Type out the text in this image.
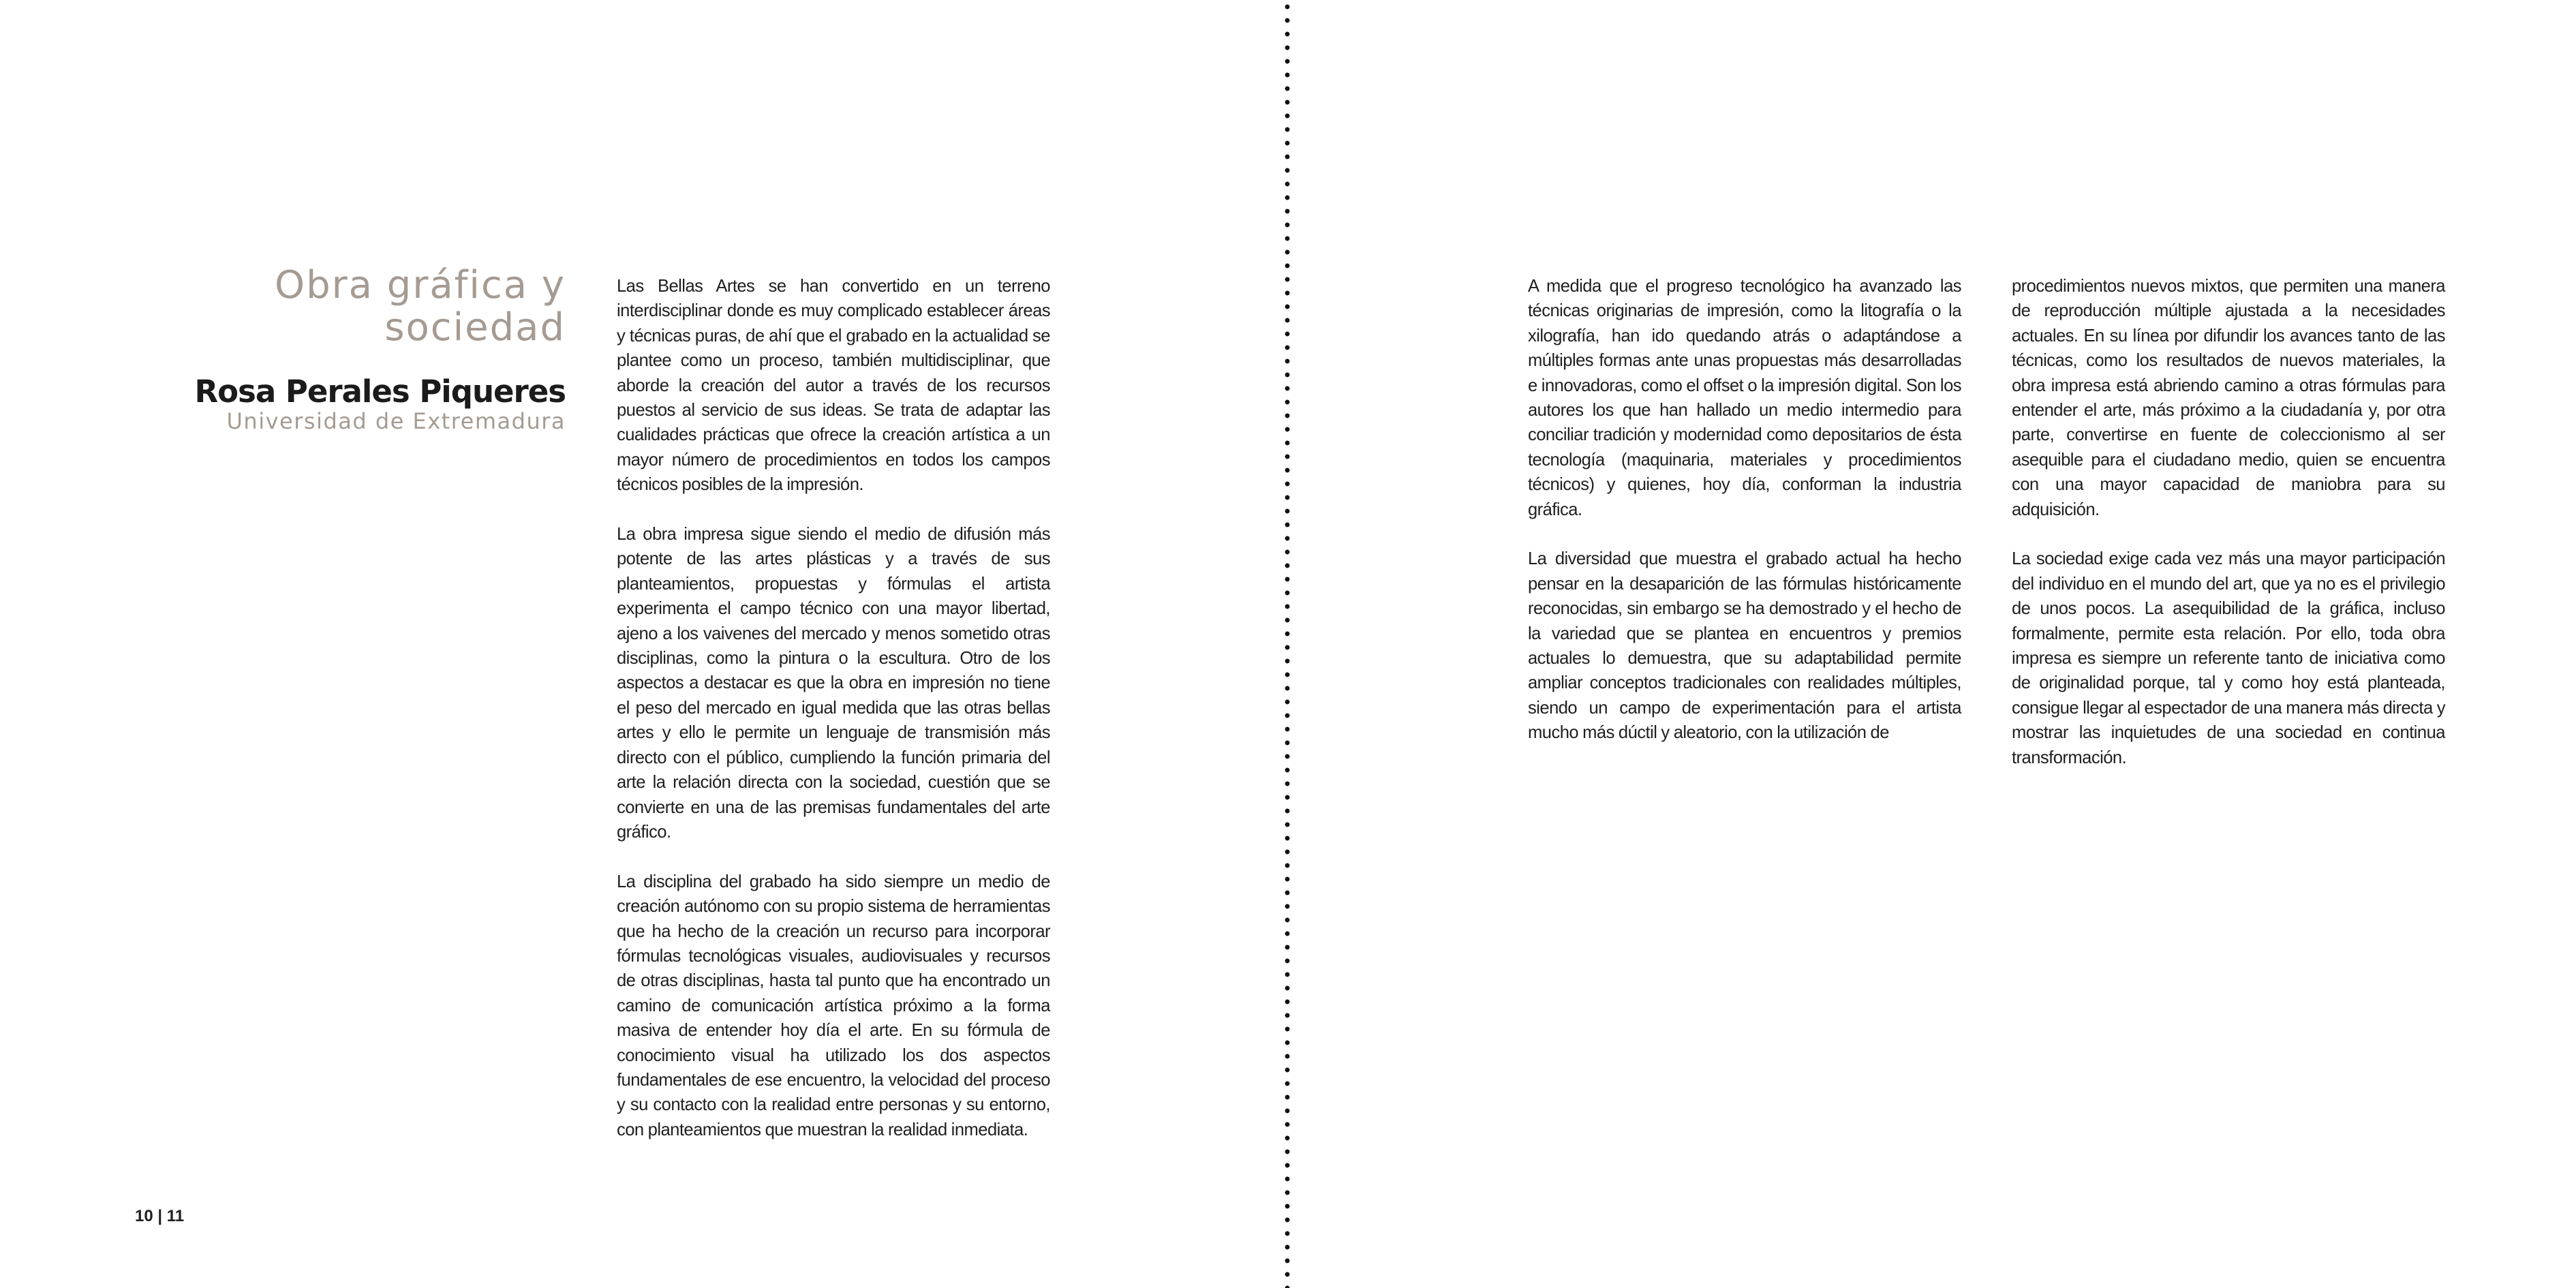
Obra gráfica y
sociedad
Rosa Perales Piqueres
Universidad de Extremadura

Las Bellas Artes se han convertido en un terreno interdisciplinar donde es muy complicado establecer áreas y técnicas puras, de ahí que el grabado en la actualidad se plantee como un proceso, también multidisciplinar, que aborde la creación del autor a través de los recursos puestos al servicio de sus ideas. Se trata de adaptar las cualidades prácticas que ofrece la creación artística a un mayor número de procedimientos en todos los campos técnicos posibles de la impresión.

La obra impresa sigue siendo el medio de difusión más potente de las artes plásticas y a través de sus planteamientos, propuestas y fórmulas el artista experimenta el campo técnico con una mayor libertad, ajeno a los vaivenes del mercado y menos sometido otras disciplinas, como la pintura o la escultura. Otro de los aspectos a destacar es que la obra en impresión no tiene el peso del mercado en igual medida que las otras bellas artes y ello le permite un lenguaje de transmisión más directo con el público, cumpliendo la función primaria del arte la relación directa con la sociedad, cuestión que se convierte en una de las premisas fundamentales del arte gráfico.

La disciplina del grabado ha sido siempre un medio de creación autónomo con su propio sistema de herramientas que ha hecho de la creación un recurso para incorporar fórmulas tecnológicas visuales, audiovisuales y recursos de otras disciplinas, hasta tal punto que ha encontrado un camino de comunicación artística próximo a la forma masiva de entender hoy día el arte. En su fórmula de conocimiento visual ha utilizado los dos aspectos fundamentales de ese encuentro, la velocidad del proceso y su contacto con la realidad entre personas y su entorno, con planteamientos que muestran la realidad inmediata.

A medida que el progreso tecnológico ha avanzado las técnicas originarias de impresión, como la litografía o la xilografía, han ido quedando atrás o adaptándose a múltiples formas ante unas propuestas más desarrolladas e innovadoras, como el offset o la impresión digital. Son los autores los que han hallado un medio intermedio para conciliar tradición y modernidad como depositarios de ésta tecnología (maquinaria, materiales y procedimientos técnicos) y quienes, hoy día, conforman la industria gráfica.

La diversidad que muestra el grabado actual ha hecho pensar en la desaparición de las fórmulas históricamente reconocidas, sin embargo se ha demostrado y el hecho de la variedad que se plantea en encuentros y premios actuales lo demuestra, que su adaptabilidad permite ampliar conceptos tradicionales con realidades múltiples, siendo un campo de experimentación para el artista mucho más dúctil y aleatorio, con la utilización de

procedimientos nuevos mixtos, que permiten una manera de reproducción múltiple ajustada a la necesidades actuales. En su línea por difundir los avances tanto de las técnicas, como los resultados de nuevos materiales, la obra impresa está abriendo camino a otras fórmulas para entender el arte, más próximo a la ciudadanía y, por otra parte, convertirse en fuente de coleccionismo al ser asequible para el ciudadano medio, quien se encuentra con una mayor capacidad de maniobra para su adquisición.

La sociedad exige cada vez más una mayor participación del individuo en el mundo del art, que ya no es el privilegio de unos pocos. La asequibilidad de la gráfica, incluso formalmente, permite esta relación. Por ello, toda obra impresa es siempre un referente tanto de iniciativa como de originalidad porque, tal y como hoy está planteada, consigue llegar al espectador de una manera más directa y mostrar las inquietudes de una sociedad en continua transformación.

10 | 11
